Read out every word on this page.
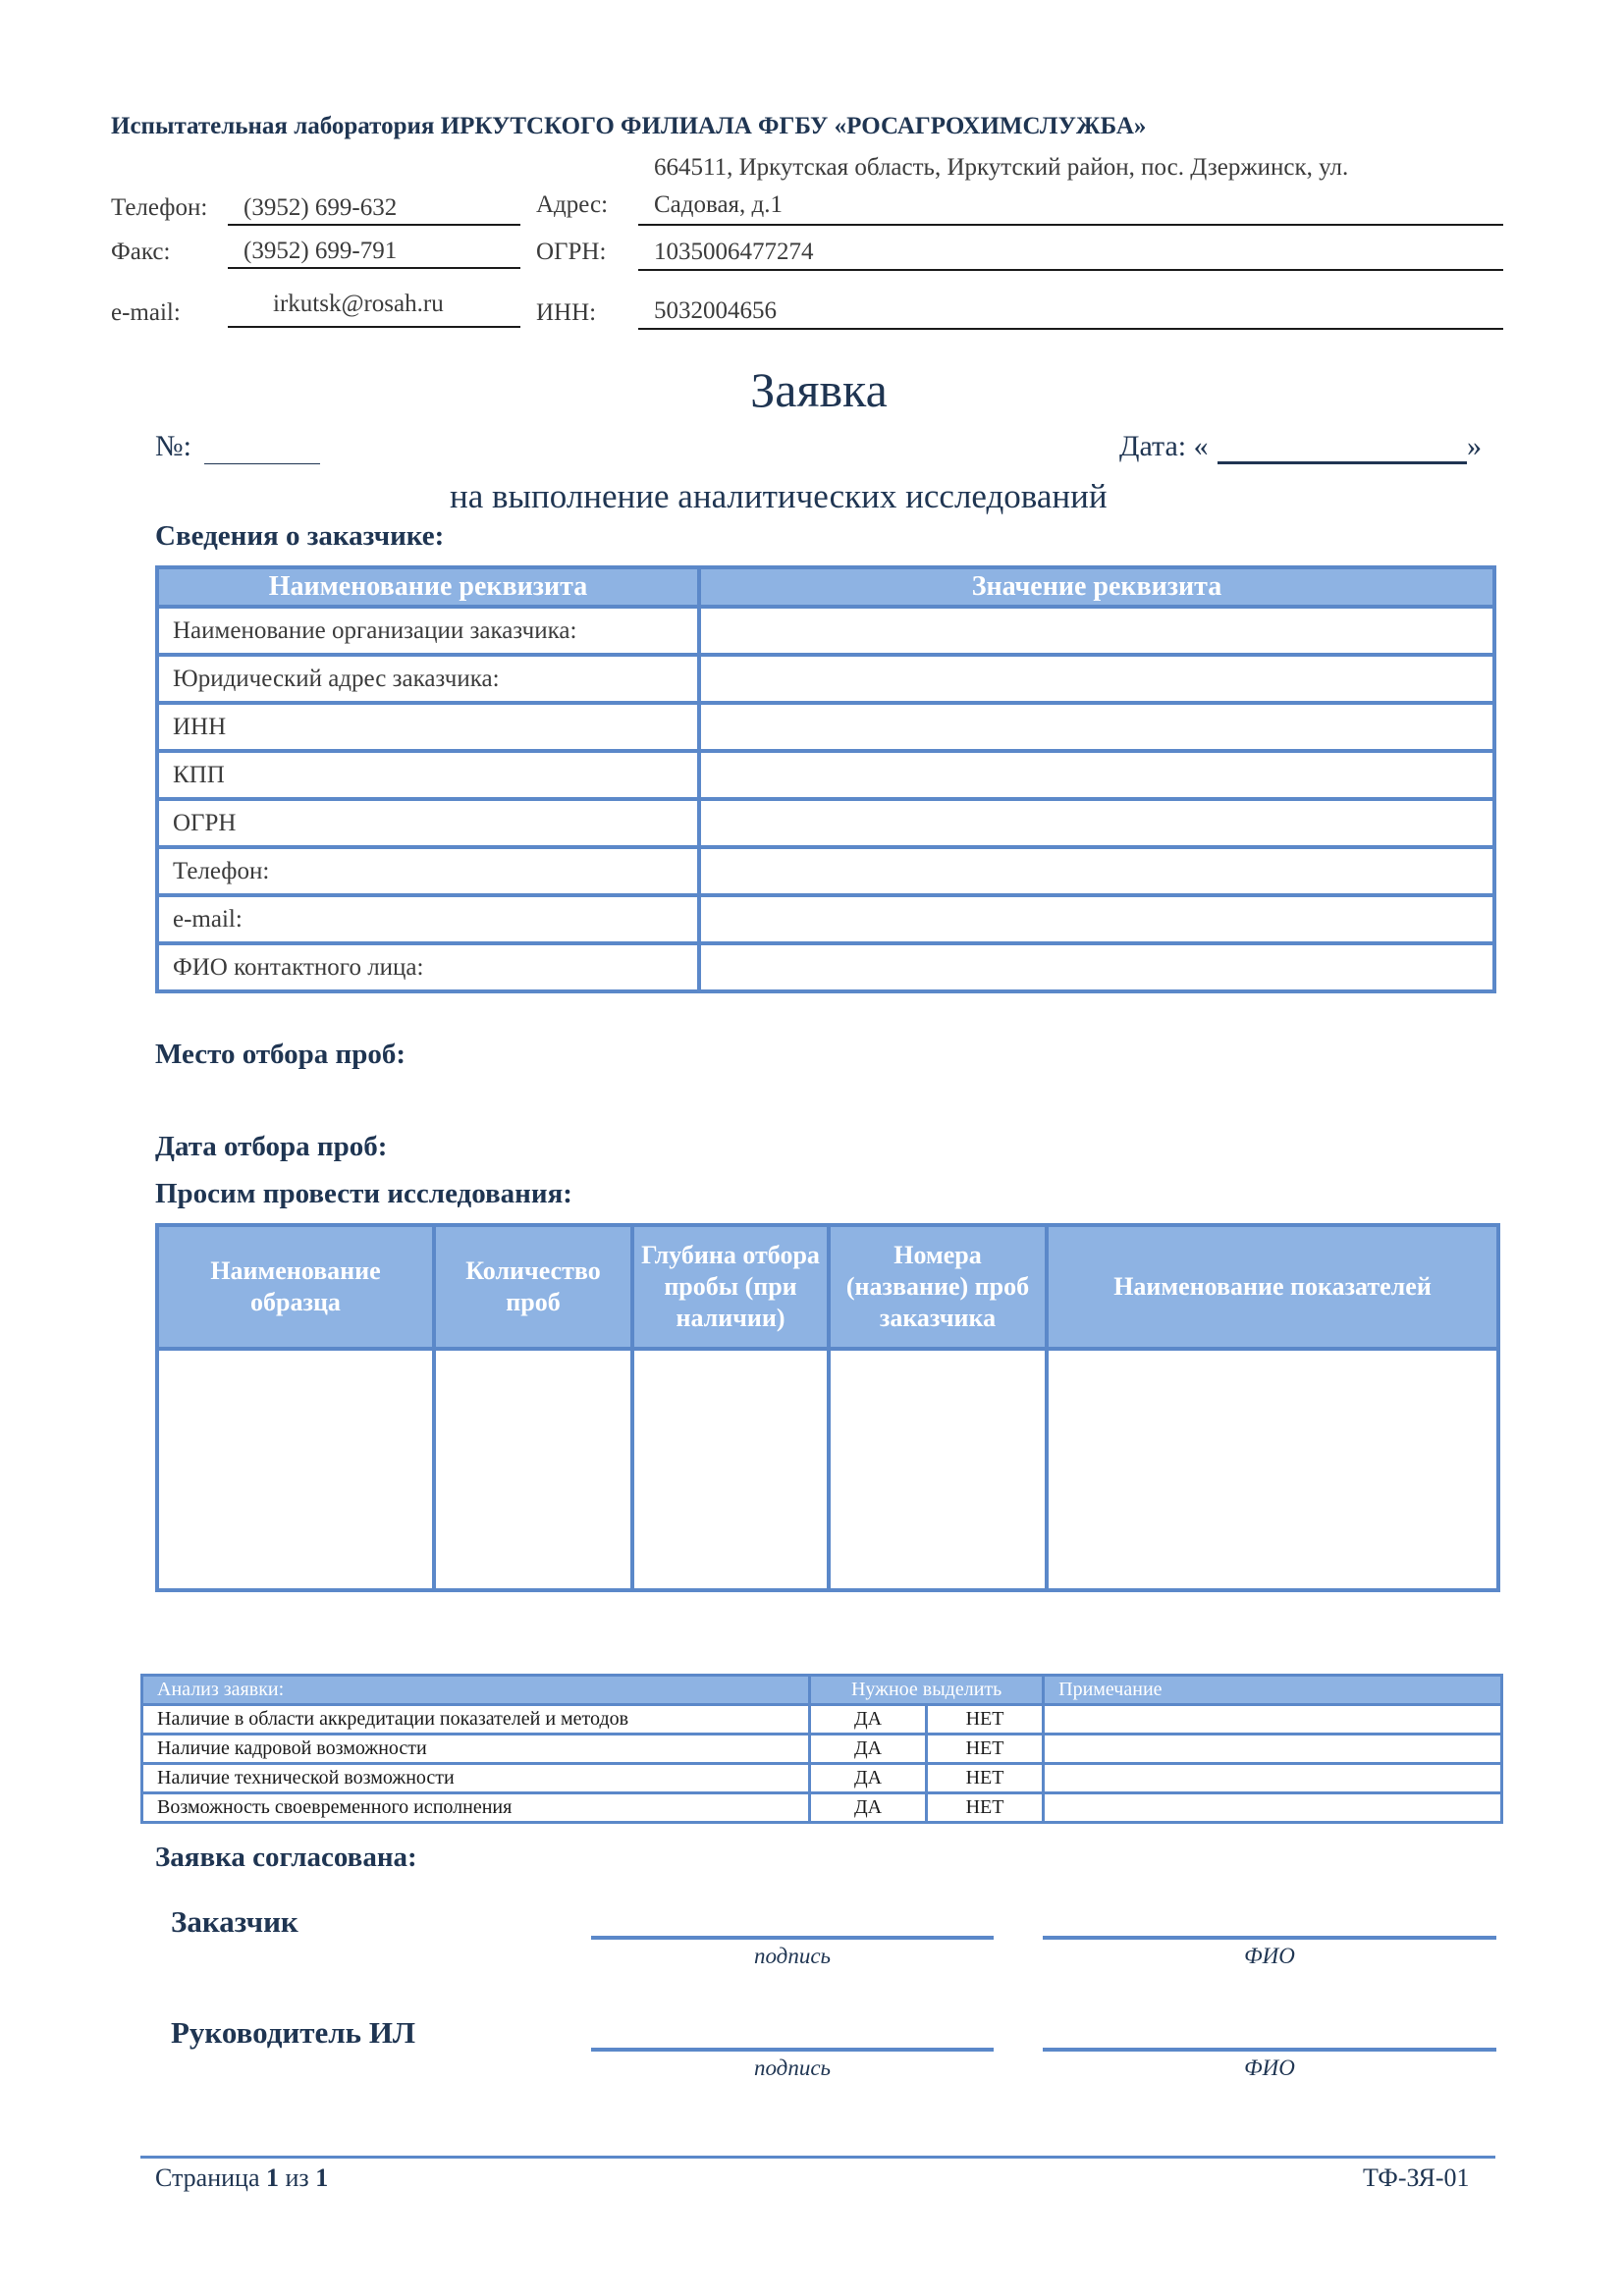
Испытательная лаборатория ИРКУТСКОГО ФИЛИАЛА ФГБУ «РОСАГРОХИМСЛУЖБА»
Телефон: (3952) 699-632
Факс:	(3952) 699-791
e-mail:	irkutsk@rosah.ru
664511, Иркутская область, Иркутский район, пос. Дзержинск, ул.
Адрес: Садовая, д.1
ОГРН: 1035006477274
ИНН: 5032004656
Заявка
№:	Дата: «	»
на выполнение аналитических исследований
Сведения о заказчике:
Наименование реквизита	Значение реквизита
Наименование организации заказчика:	
Юридический адрес заказчика:	
ИНН	
КПП	
ОГРН	
Телефон:	
e-mail:	
ФИО контактного лица:	
Место отбора проб:
Дата отбора проб:
Просим провести исследования:
Наименование образца	Количество проб	Глубина отбора пробы (при наличии)	Номера (название) проб заказчика	Наименование показателей

Анализ заявки:	Нужное выделить		Примечание
Наличие в области аккредитации показателей и методов	ДА	НЕТ	
Наличие кадровой возможности	ДА	НЕТ	
Наличие технической возможности	ДА	НЕТ	
Возможность своевременного исполнения	ДА	НЕТ	
Заявка согласована:
Заказчик
подпись	ФИО
Руководитель ИЛ
подпись	ФИО
Страница 1 из 1	ТФ-ЗЯ-01
